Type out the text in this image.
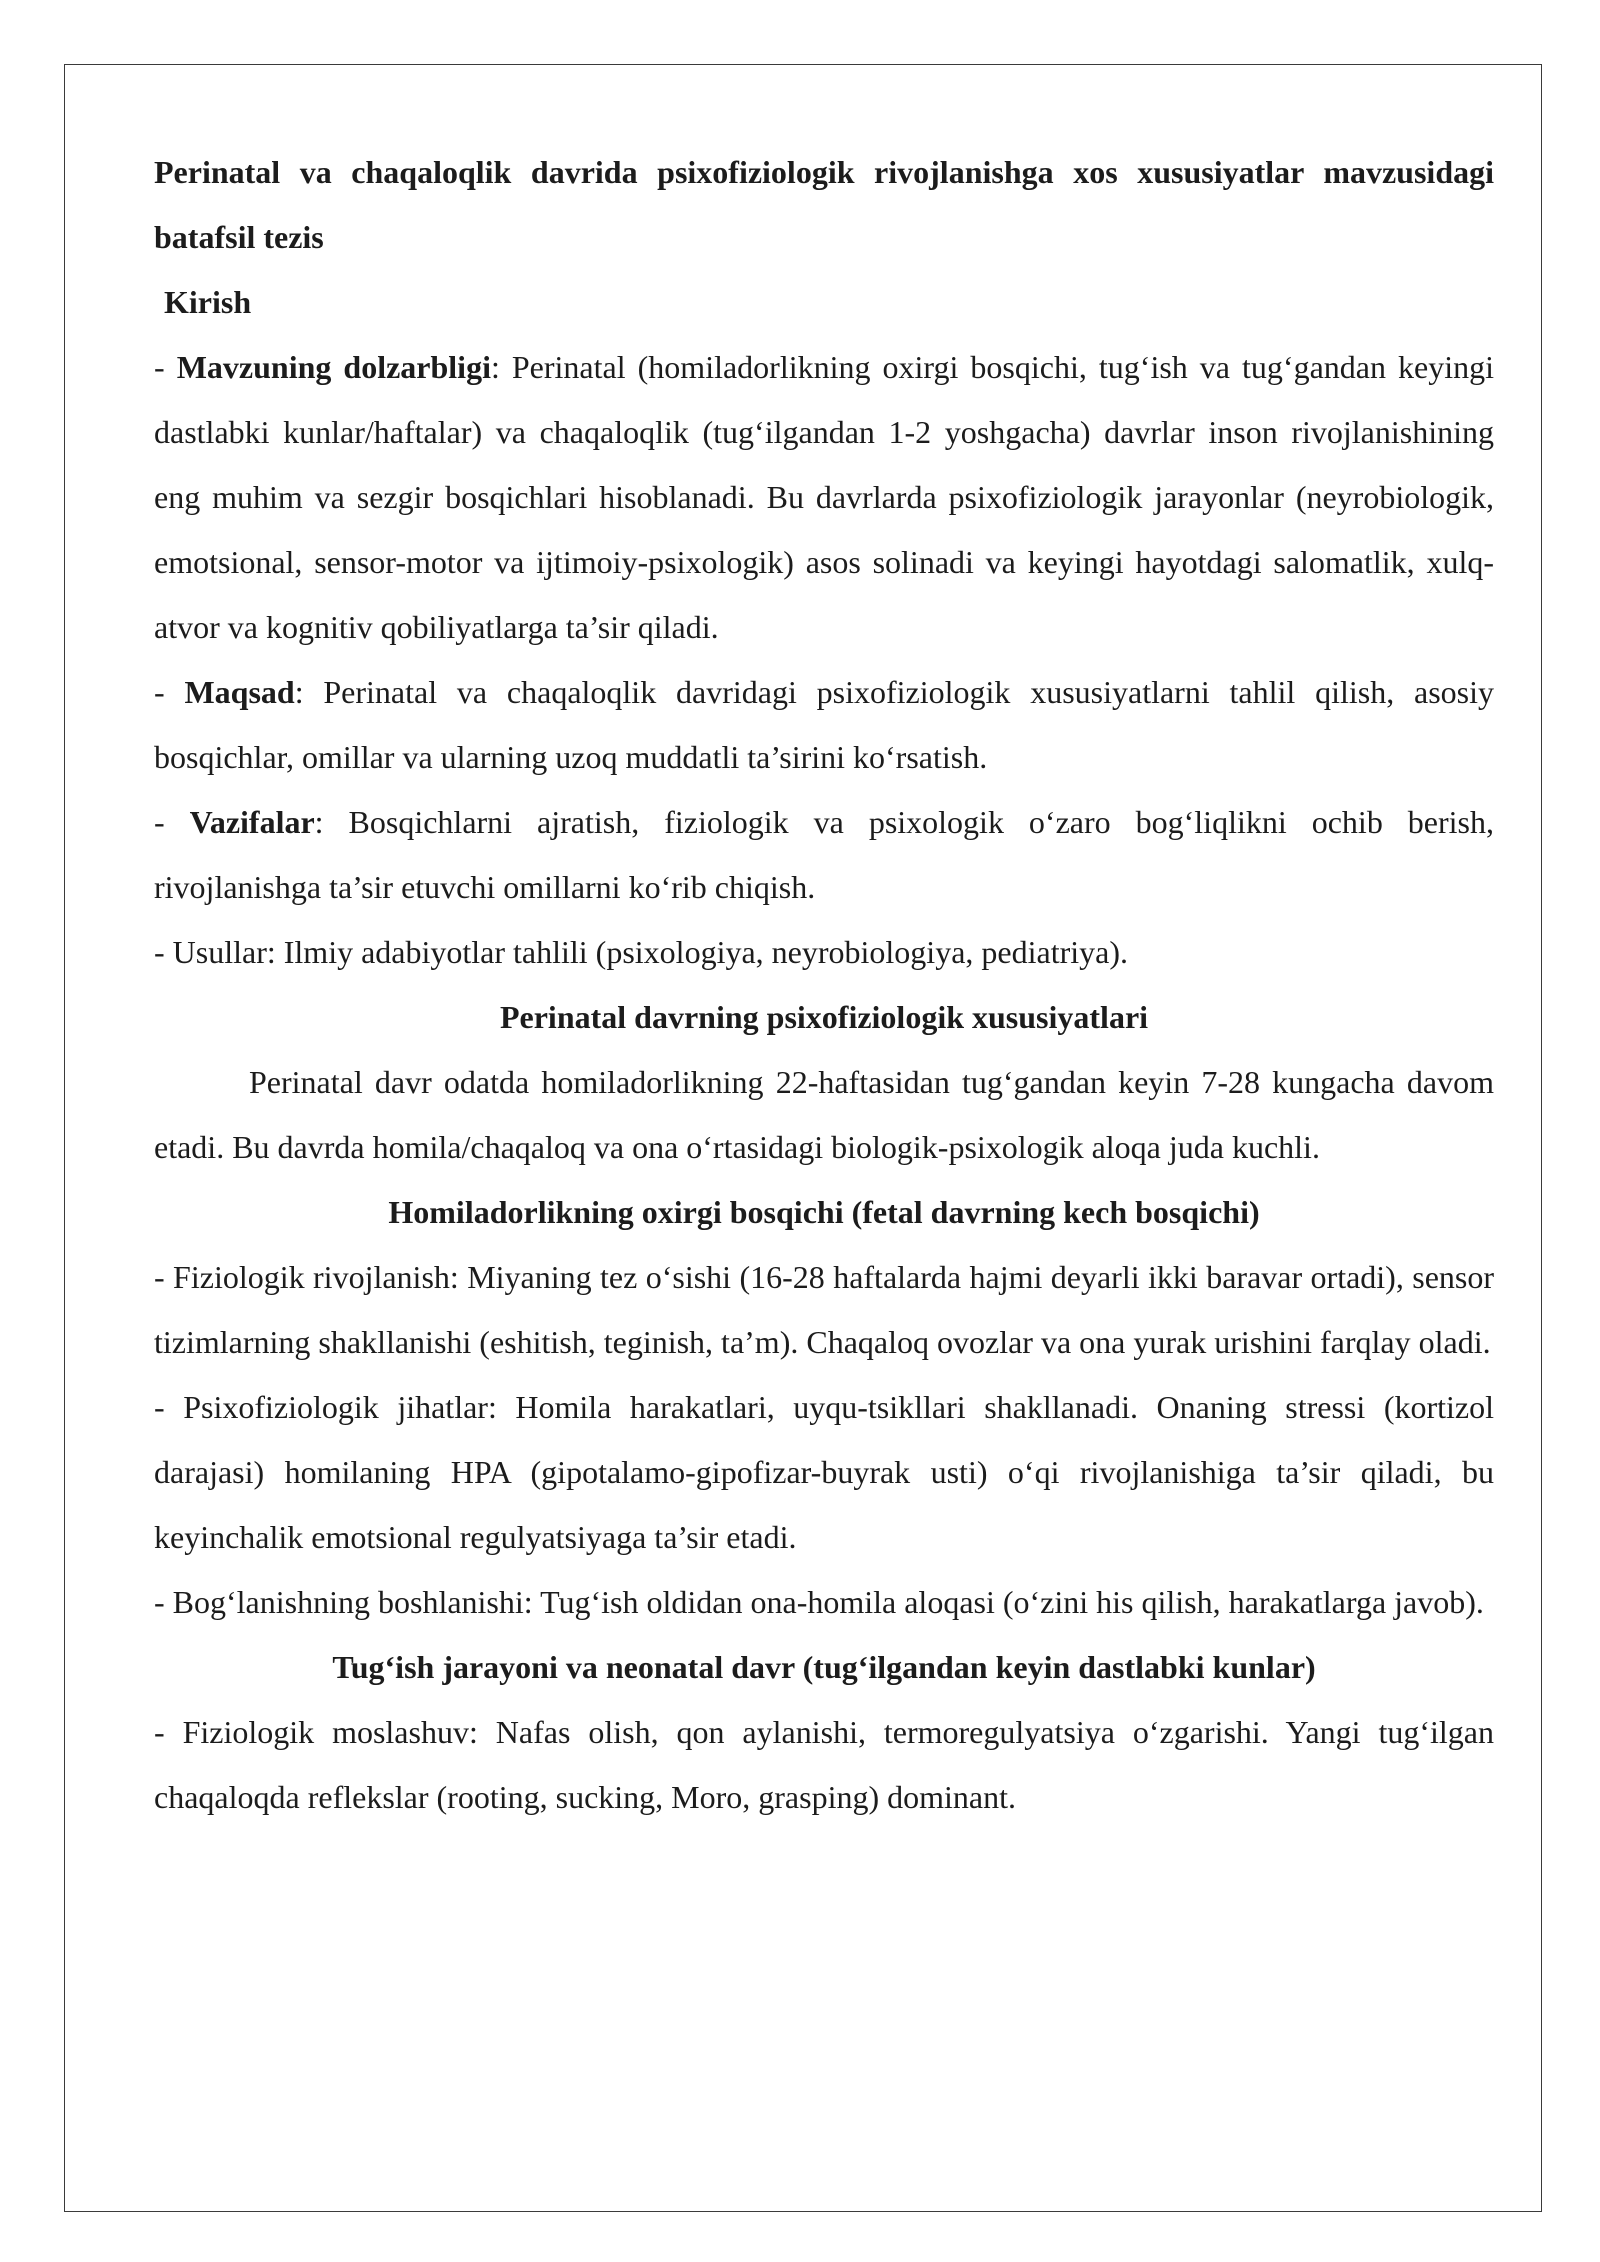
Perinatal va chaqaloqlik davrida psixofiziologik rivojlanishga xos xususiyatlar mavzusidagi batafsil tezis

Kirish

- Mavzuning dolzarbligi: Perinatal (homiladorlikning oxirgi bosqichi, tug‘ish va tug‘gandan keyingi dastlabki kunlar/haftalar) va chaqaloqlik (tug‘ilgandan 1-2 yoshgacha) davrlar inson rivojlanishining eng muhim va sezgir bosqichlari hisoblanadi. Bu davrlarda psixofiziologik jarayonlar (neyrobiologik, emotsional, sensor-motor va ijtimoiy-psixologik) asos solinadi va keyingi hayotdagi salomatlik, xulq-atvor va kognitiv qobiliyatlarga ta’sir qiladi.

- Maqsad: Perinatal va chaqaloqlik davridagi psixofiziologik xususiyatlarni tahlil qilish, asosiy bosqichlar, omillar va ularning uzoq muddatli ta’sirini ko‘rsatish.

- Vazifalar: Bosqichlarni ajratish, fiziologik va psixologik o‘zaro bog‘liqlikni ochib berish, rivojlanishga ta’sir etuvchi omillarni ko‘rib chiqish.

- Usullar: Ilmiy adabiyotlar tahlili (psixologiya, neyrobiologiya, pediatriya).

Perinatal davrning psixofiziologik xususiyatlari

Perinatal davr odatda homiladorlikning 22-haftasidan tug‘gandan keyin 7-28 kungacha davom etadi. Bu davrda homila/chaqaloq va ona o‘rtasidagi biologik-psixologik aloqa juda kuchli.

Homiladorlikning oxirgi bosqichi (fetal davrning kech bosqichi)

- Fiziologik rivojlanish: Miyaning tez o‘sishi (16-28 haftalarda hajmi deyarli ikki baravar ortadi), sensor tizimlarning shakllanishi (eshitish, teginish, ta’m). Chaqaloq ovozlar va ona yurak urishini farqlay oladi.

- Psixofiziologik jihatlar: Homila harakatlari, uyqu-tsikllari shakllanadi. Onaning stressi (kortizol darajasi) homilaning HPA (gipotalamo-gipofizar-buyrak usti) o‘qi rivojlanishiga ta’sir qiladi, bu keyinchalik emotsional regulyatsiyaga ta’sir etadi.

- Bog‘lanishning boshlanishi: Tug‘ish oldidan ona-homila aloqasi (o‘zini his qilish, harakatlarga javob).

Tug‘ish jarayoni va neonatal davr (tug‘ilgandan keyin dastlabki kunlar)

- Fiziologik moslashuv: Nafas olish, qon aylanishi, termoregulyatsiya o‘zgarishi. Yangi tug‘ilgan chaqaloqda reflekslar (rooting, sucking, Moro, grasping) dominant.
